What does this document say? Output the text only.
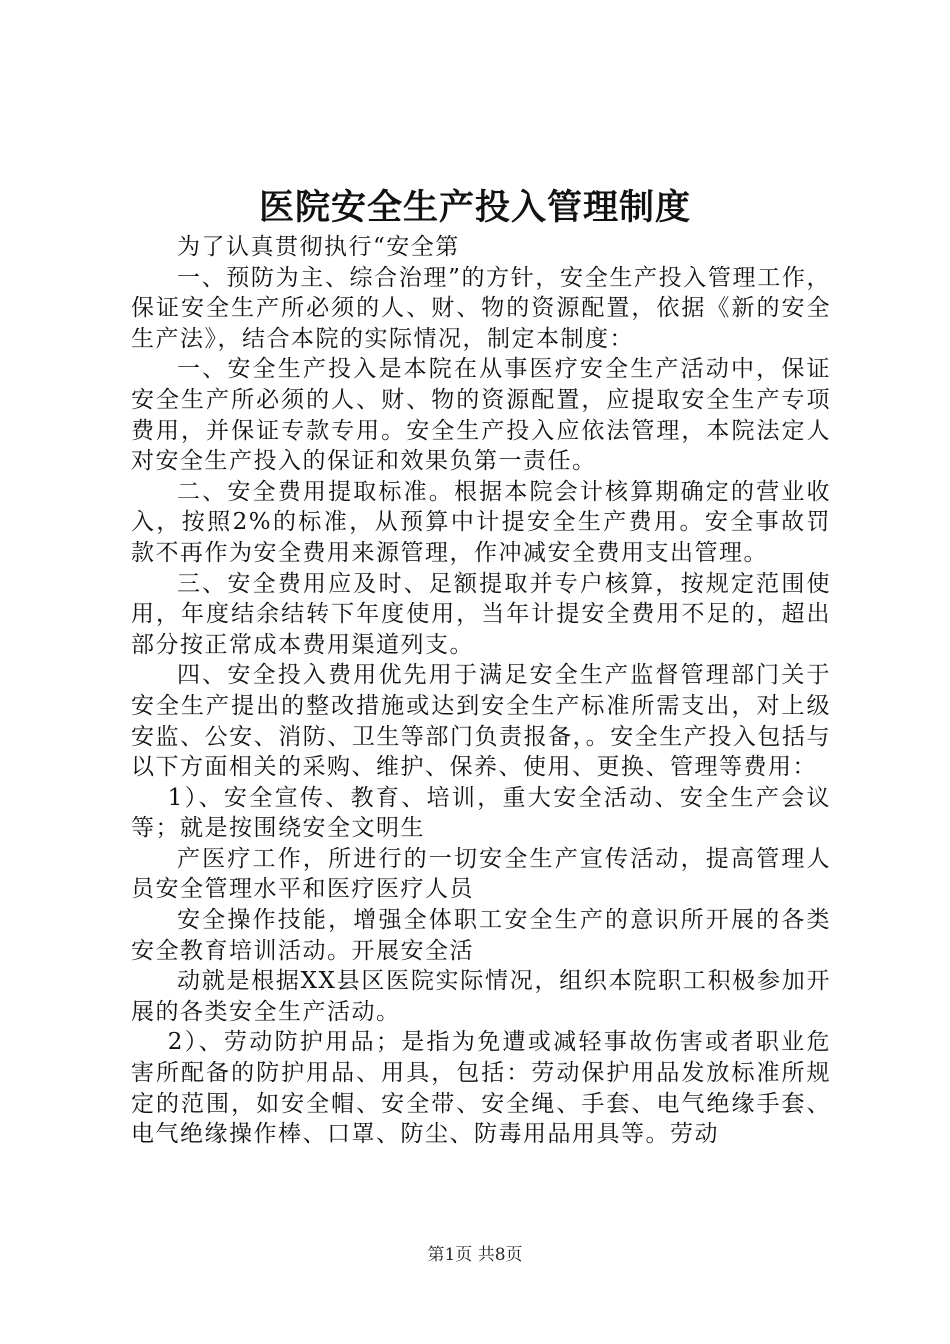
医院安全生产投入管理制度

为了认真贯彻执行“安全第

一、预防为主、综合治理”的方针，安全生产投入管理工作，保证安全生产所必须的人、财、物的资源配置，依据《新的安全生产法》，结合本院的实际情况，制定本制度：

一、安全生产投入是本院在从事医疗安全生产活动中，保证安全生产所必须的人、财、物的资源配置，应提取安全生产专项费用，并保证专款专用。安全生产投入应依法管理，本院法定人对安全生产投入的保证和效果负第一责任。

二、安全费用提取标准。根据本院会计核算期确定的营业收入，按照2%的标准，从预算中计提安全生产费用。安全事故罚款不再作为安全费用来源管理，作冲减安全费用支出管理。

三、安全费用应及时、足额提取并专户核算，按规定范围使用，年度结余结转下年度使用，当年计提安全费用不足的，超出部分按正常成本费用渠道列支。

四、安全投入费用优先用于满足安全生产监督管理部门关于安全生产提出的整改措施或达到安全生产标准所需支出，对上级安监、公安、消防、卫生等部门负责报备，。安全生产投入包括与以下方面相关的采购、维护、保养、使用、更换、管理等费用：

1）、安全宣传、教育、培训，重大安全活动、安全生产会议等；就是按围绕安全文明生

产医疗工作，所进行的一切安全生产宣传活动，提高管理人员安全管理水平和医疗医疗人员

安全操作技能，增强全体职工安全生产的意识所开展的各类安全教育培训活动。开展安全活

动就是根据XX县区医院实际情况，组织本院职工积极参加开展的各类安全生产活动。

2）、劳动防护用品；是指为免遭或减轻事故伤害或者职业危害所配备的防护用品、用具，包括：劳动保护用品发放标准所规定的范围，如安全帽、安全带、安全绳、手套、电气绝缘手套、电气绝缘操作棒、口罩、防尘、防毒用品用具等。劳动

第1页 共8页
